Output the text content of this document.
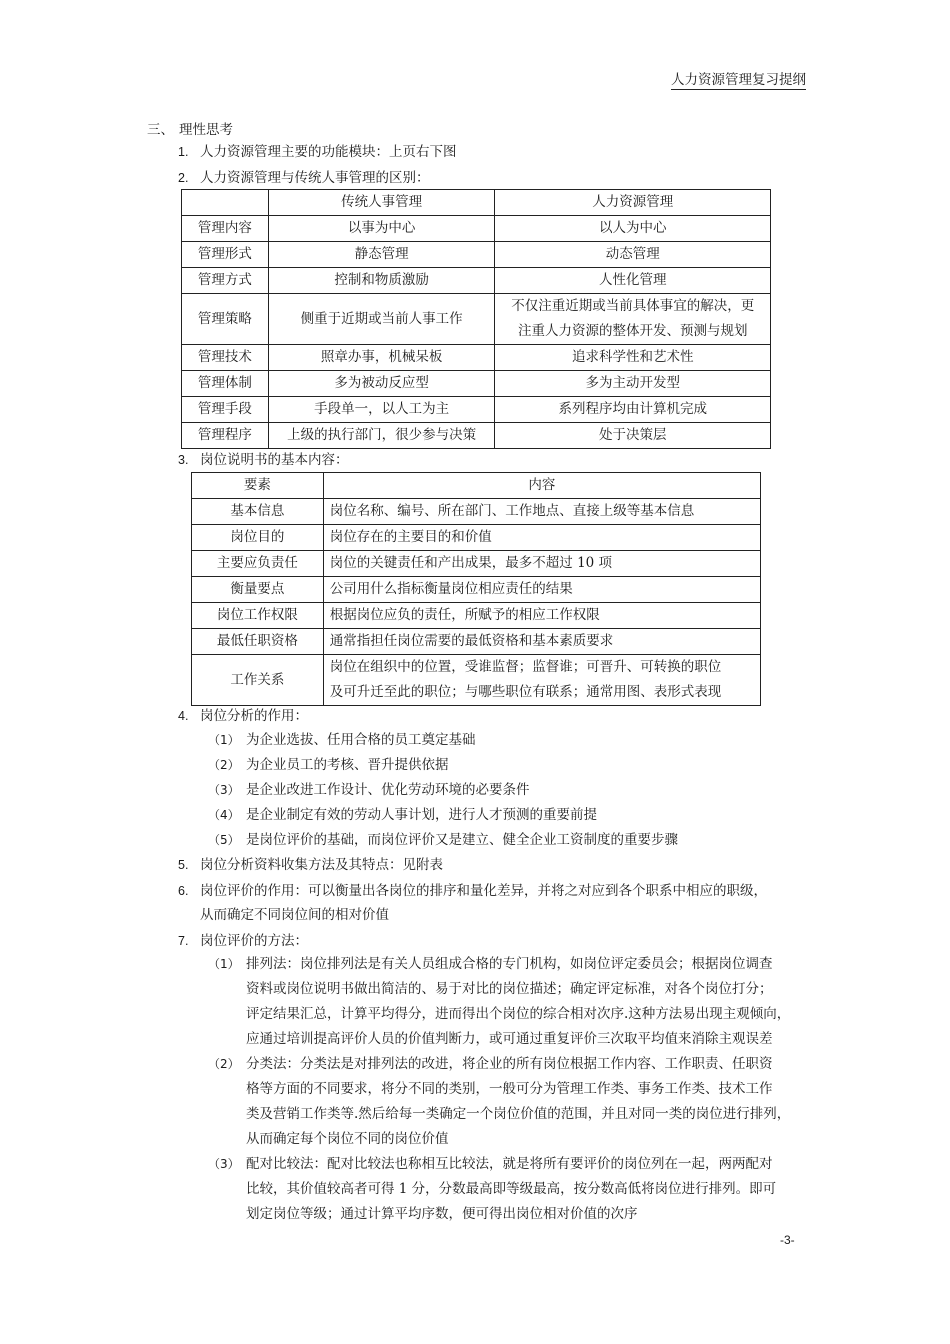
人力资源管理复习提纲
三、 理性思考
1. 人力资源管理主要的功能模块：上页右下图
2. 人力资源管理与传统人事管理的区别：
	传统人事管理	人力资源管理
管理内容	以事为中心	以人为中心
管理形式	静态管理	动态管理
管理方式	控制和物质激励	人性化管理
管理策略	侧重于近期或当前人事工作	不仅注重近期或当前具体事宜的解决，更
注重人力资源的整体开发、预测与规划

管理技术	照章办事，机械呆板	追求科学性和艺术性
管理体制	多为被动反应型	多为主动开发型
管理手段	手段单一，以人工为主	系列程序均由计算机完成
管理程序	上级的执行部门，很少参与决策	处于决策层
3. 岗位说明书的基本内容：
要素	内容
基本信息	岗位名称、编号、所在部门、工作地点、直接上级等基本信息
岗位目的	岗位存在的主要目的和价值
主要应负责任	岗位的关键责任和产出成果，最多不超过 10 项
衡量要点	公司用什么指标衡量岗位相应责任的结果
岗位工作权限	根据岗位应负的责任，所赋予的相应工作权限
最低任职资格	通常指担任岗位需要的最低资格和基本素质要求
工作关系	岗位在组织中的位置，受谁监督；监督谁；可晋升、可转换的职位
及可升迁至此的职位；与哪些职位有联系；通常用图、表形式表现
4. 岗位分析的作用：
（1） 为企业选拔、任用合格的员工奠定基础
（2） 为企业员工的考核、晋升提供依据
（3） 是企业改进工作设计、优化劳动环境的必要条件
（4） 是企业制定有效的劳动人事计划，进行人才预测的重要前提
（5） 是岗位评价的基础，而岗位评价又是建立、健全企业工资制度的重要步骤
5. 岗位分析资料收集方法及其特点：见附表
6. 岗位评价的作用：可以衡量出各岗位的排序和量化差异，并将之对应到各个职系中相应的职级，
从而确定不同岗位间的相对价值
7. 岗位评价的方法：
（1） 排列法：岗位排列法是有关人员组成合格的专门机构，如岗位评定委员会；根据岗位调查
资料或岗位说明书做出简洁的、易于对比的岗位描述；确定评定标准，对各个岗位打分；
评定结果汇总，计算平均得分，进而得出个岗位的综合相对次序.这种方法易出现主观倾向，
应通过培训提高评价人员的价值判断力，或可通过重复评价三次取平均值来消除主观误差
（2） 分类法：分类法是对排列法的改进，将企业的所有岗位根据工作内容、工作职责、任职资
格等方面的不同要求，将分不同的类别，一般可分为管理工作类、事务工作类、技术工作
类及营销工作类等.然后给每一类确定一个岗位价值的范围，并且对同一类的岗位进行排列，
从而确定每个岗位不同的岗位价值
（3） 配对比较法：配对比较法也称相互比较法，就是将所有要评价的岗位列在一起，两两配对
比较，其价值较高者可得 1 分，分数最高即等级最高，按分数高低将岗位进行排列。即可
划定岗位等级；通过计算平均序数，便可得出岗位相对价值的次序
-3-
